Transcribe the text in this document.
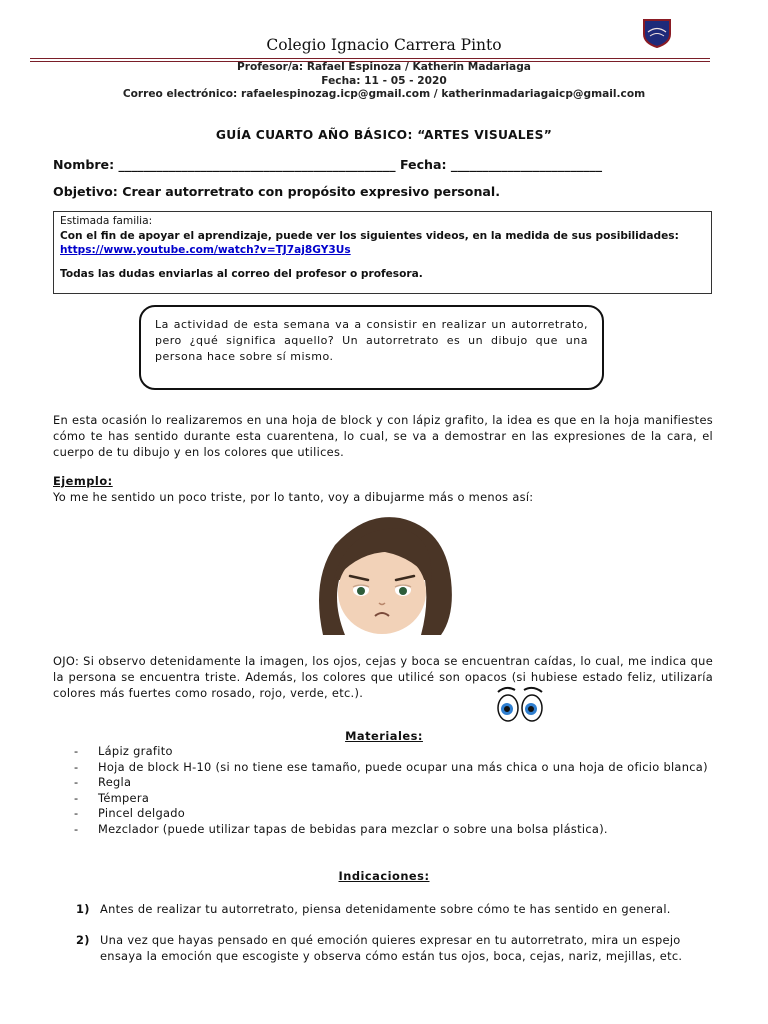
Colegio Ignacio Carrera Pinto
Profesor/a: Rafael Espinoza / Katherin Madariaga
Fecha: 11 - 05 - 2020
Correo electrónico: rafaelespinozag.icp@gmail.com / katherinmadariagaicp@gmail.com
GUÍA CUARTO AÑO BÁSICO: “ARTES VISUALES”
Nombre: ____________________________________________ Fecha: ________________________
Objetivo: Crear autorretrato con propósito expresivo personal.
Estimada familia:
Con el fin de apoyar el aprendizaje, puede ver los siguientes videos, en la medida de sus posibilidades:
https://www.youtube.com/watch?v=TJ7aj8GY3Us
Todas las dudas enviarlas al correo del profesor o profesora.
La actividad de esta semana va a consistir en realizar un autorretrato, pero ¿qué significa aquello? Un autorretrato es un dibujo que una persona hace sobre sí mismo.
En esta ocasión lo realizaremos en una hoja de block y con lápiz grafito, la idea es que en la hoja manifiestes cómo te has sentido durante esta cuarentena, lo cual, se va a demostrar en las expresiones de la cara, el cuerpo de tu dibujo y en los colores que utilices.
Ejemplo:
Yo me he sentido un poco triste, por lo tanto, voy a dibujarme más o menos así:
OJO: Si observo detenidamente la imagen, los ojos, cejas y boca se encuentran caídas, lo cual, me indica que la persona se encuentra triste. Además, los colores que utilicé son opacos (si hubiese estado feliz, utilizaría colores más fuertes como rosado, rojo, verde, etc.).
Materiales:
- Lápiz grafito
- Hoja de block H-10 (si no tiene ese tamaño, puede ocupar una más chica o una hoja de oficio blanca)
- Regla
- Témpera
- Pincel delgado
- Mezclador (puede utilizar tapas de bebidas para mezclar o sobre una bolsa plástica).
Indicaciones:
1) Antes de realizar tu autorretrato, piensa detenidamente sobre cómo te has sentido en general.
2) Una vez que hayas pensado en qué emoción quieres expresar en tu autorretrato, mira un espejo ensaya la emoción que escogiste y observa cómo están tus ojos, boca, cejas, nariz, mejillas, etc.
